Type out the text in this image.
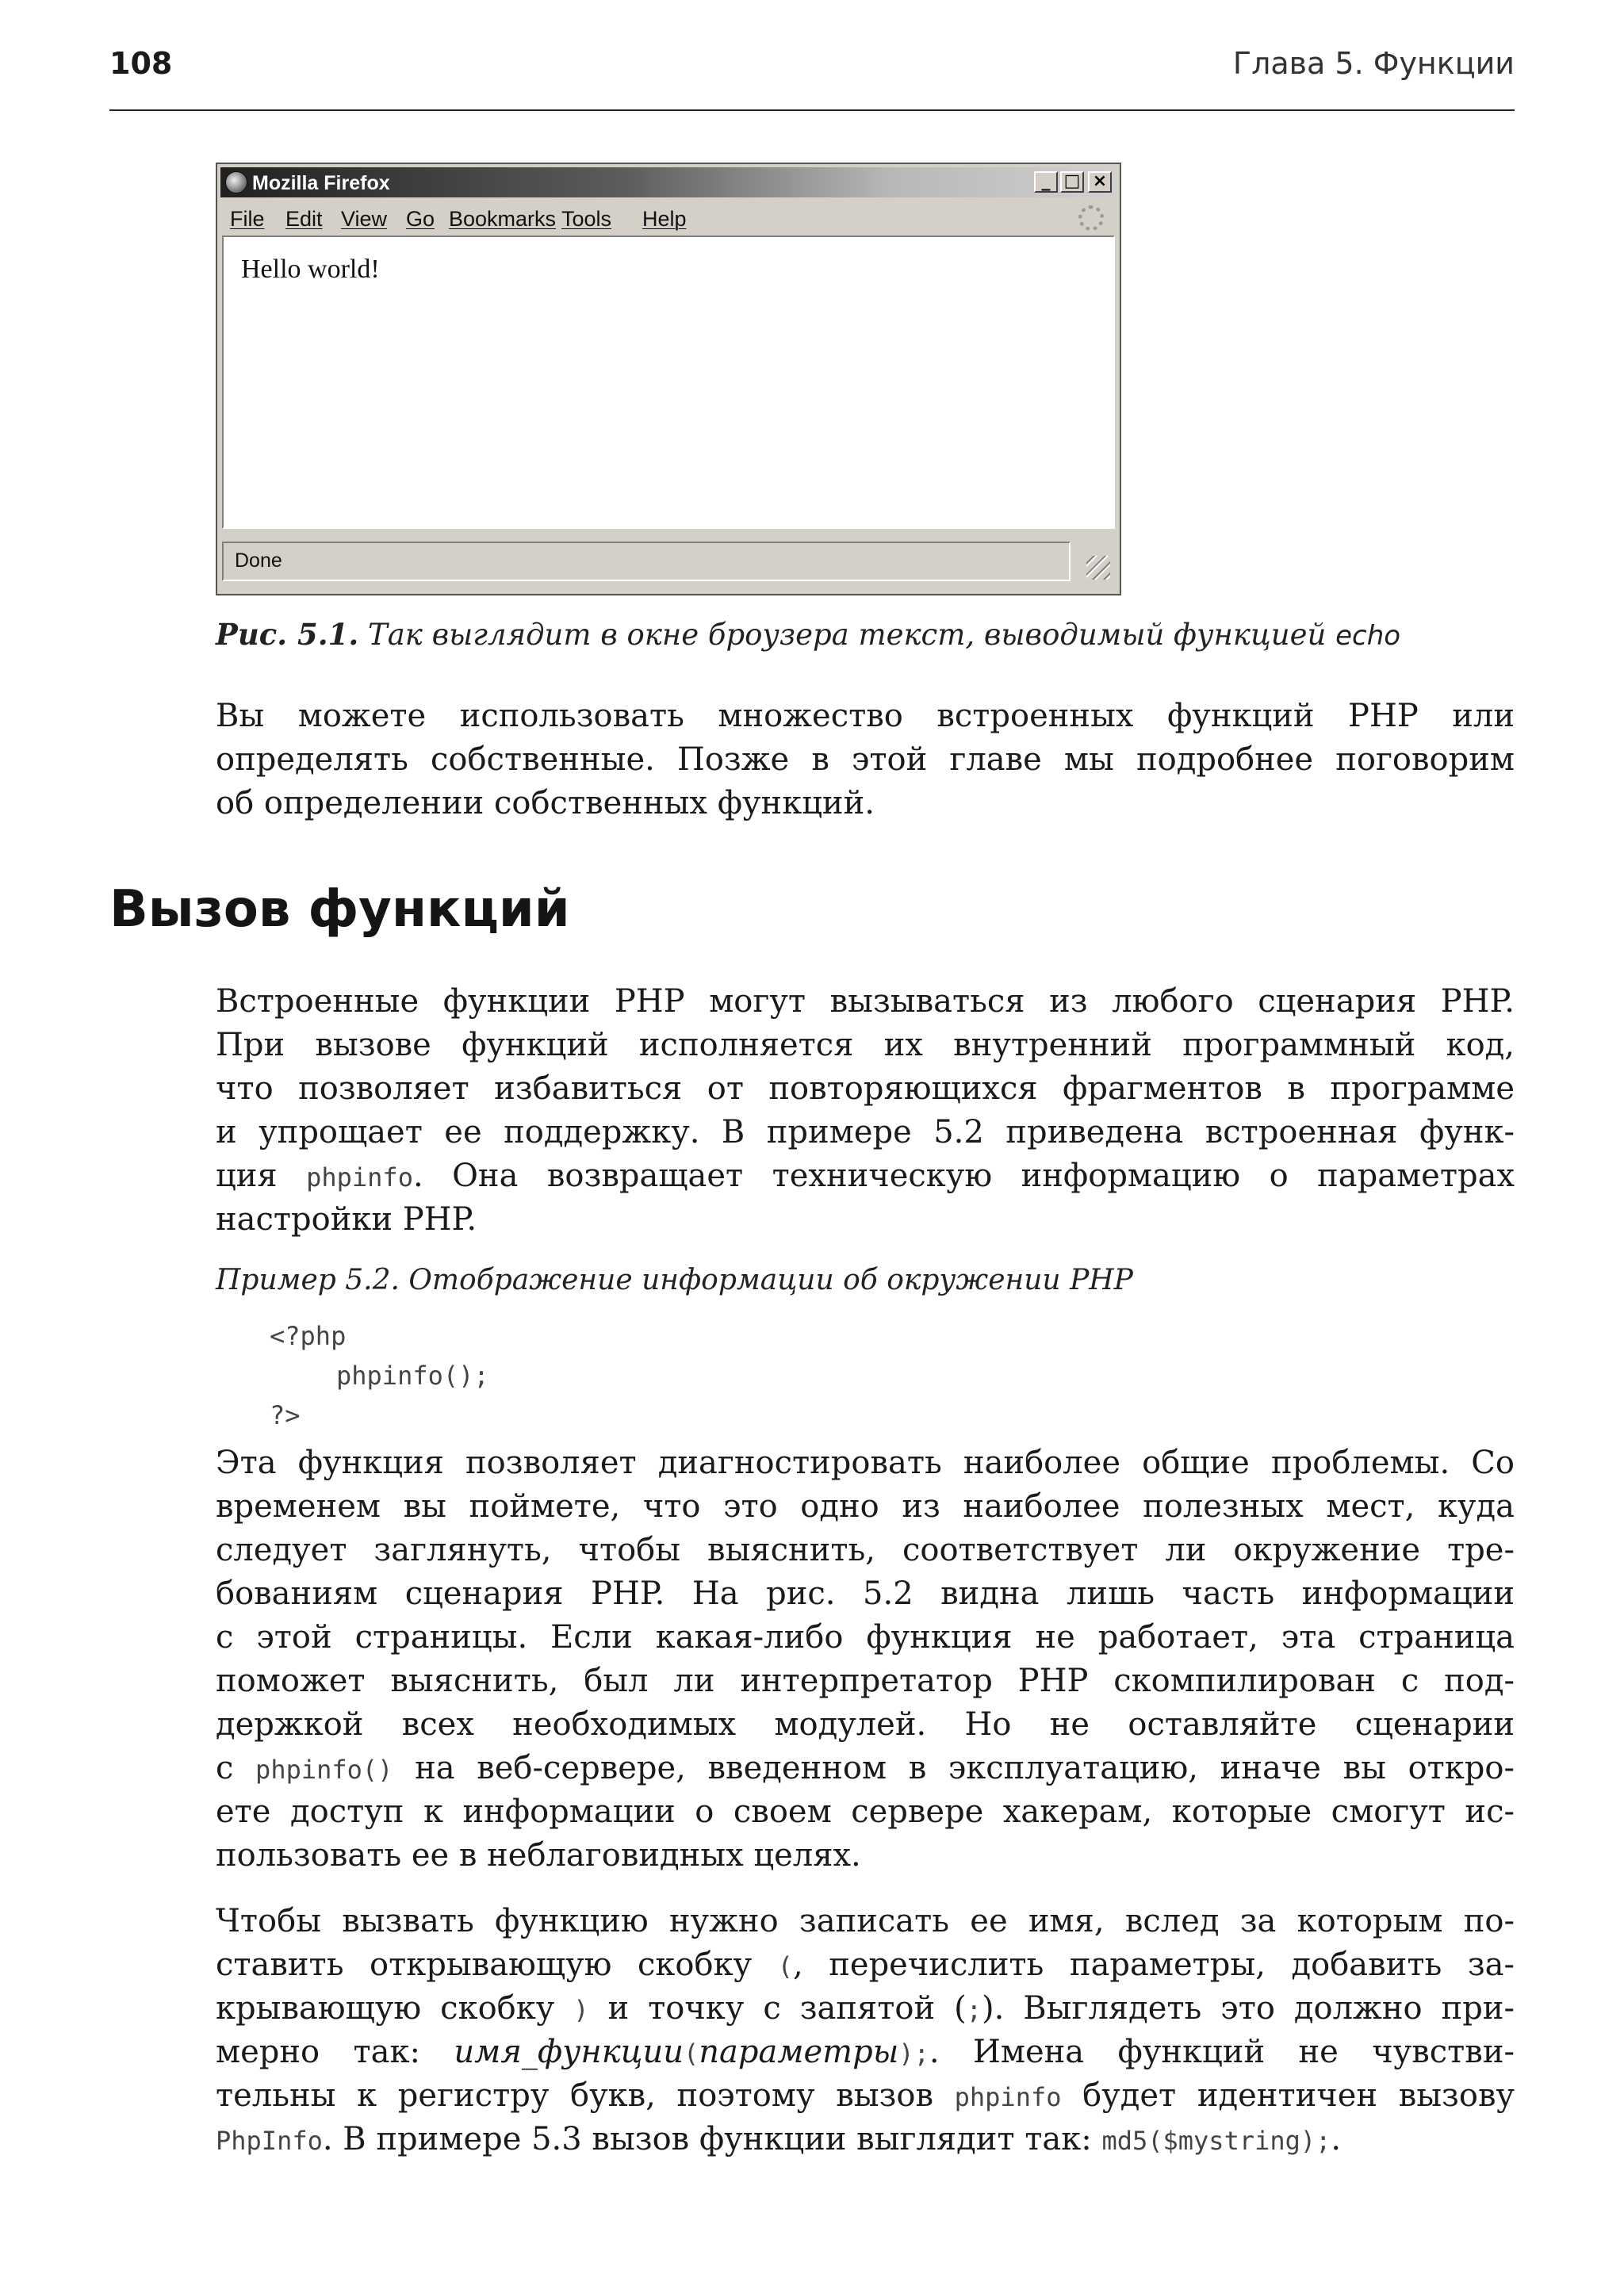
108	Глава 5. Функции
Mozilla Firefox	_ □ ×
File Edit View Go Bookmarks Tools Help
Hello world!
Done
Рис. 5.1. Так выглядит в окне броузера текст, выводимый функцией echo

Вы можете использовать множество встроенных функций PHP или

определять собственные. Позже в этой главе мы подробнее поговорим

об определении собственных функций.

Вызов функций

Встроенные функции PHP могут вызываться из любого сценария PHP.

При вызове функций исполняется их внутренний программный код,

что позволяет избавиться от повторяющихся фрагментов в программе

и упрощает ее поддержку. В примере 5.2 приведена встроенная функ-

ция phpinfo. Она возвращает техническую информацию о параметрах

настройки PHP.

Пример 5.2. Отображение информации об окружении PHP
<?php
phpinfo();
?>

Эта функция позволяет диагностировать наиболее общие проблемы. Со

временем вы поймете, что это одно из наиболее полезных мест, куда

следует заглянуть, чтобы выяснить, соответствует ли окружение тре-

бованиям сценария PHP. На рис. 5.2 видна лишь часть информации

с этой страницы. Если какая-либо функция не работает, эта страница

поможет выяснить, был ли интерпретатор PHP скомпилирован с под-

держкой всех необходимых модулей. Но не оставляйте сценарии

с phpinfo() на веб-сервере, введенном в эксплуатацию, иначе вы откро-

ете доступ к информации о своем сервере хакерам, которые смогут ис-

пользовать ее в неблаговидных целях.

Чтобы вызвать функцию нужно записать ее имя, вслед за которым по-

ставить открывающую скобку (, перечислить параметры, добавить за-

крывающую скобку ) и точку с запятой (;). Выглядеть это должно при-

мерно так: имя_функции(параметры);. Имена функций не чувстви-

тельны к регистру букв, поэтому вызов phpinfo будет идентичен вызову

PhpInfo. В примере 5.3 вызов функции выглядит так: md5($mystring);.
